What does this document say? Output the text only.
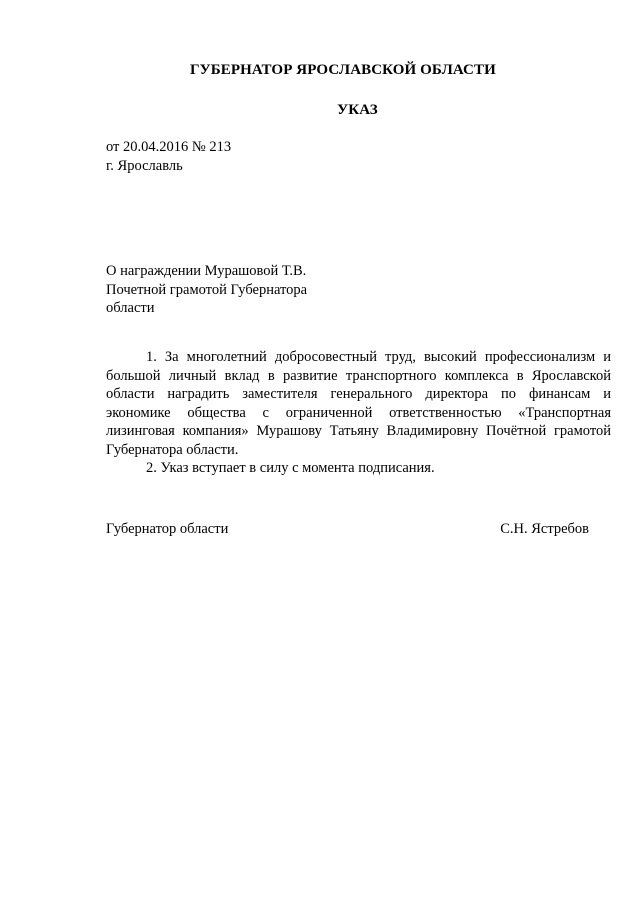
ГУБЕРНАТОР ЯРОСЛАВСКОЙ ОБЛАСТИ
УКАЗ
от 20.04.2016 № 213
г. Ярославль
О награждении Мурашовой Т.В.
Почетной грамотой Губернатора
области

1. За многолетний добросовестный труд, высокий профессионализм и большой личный вклад в развитие транспортного комплекса в Ярославской области наградить заместителя генерального директора по финансам и экономике общества с ограниченной ответственностью «Транспортная лизинговая компания» Мурашову Татьяну Владимировну Почётной грамотой Губернатора области.

2. Указ вступает в силу с момента подписания.

Губернатор области	С.Н. Ястребов
